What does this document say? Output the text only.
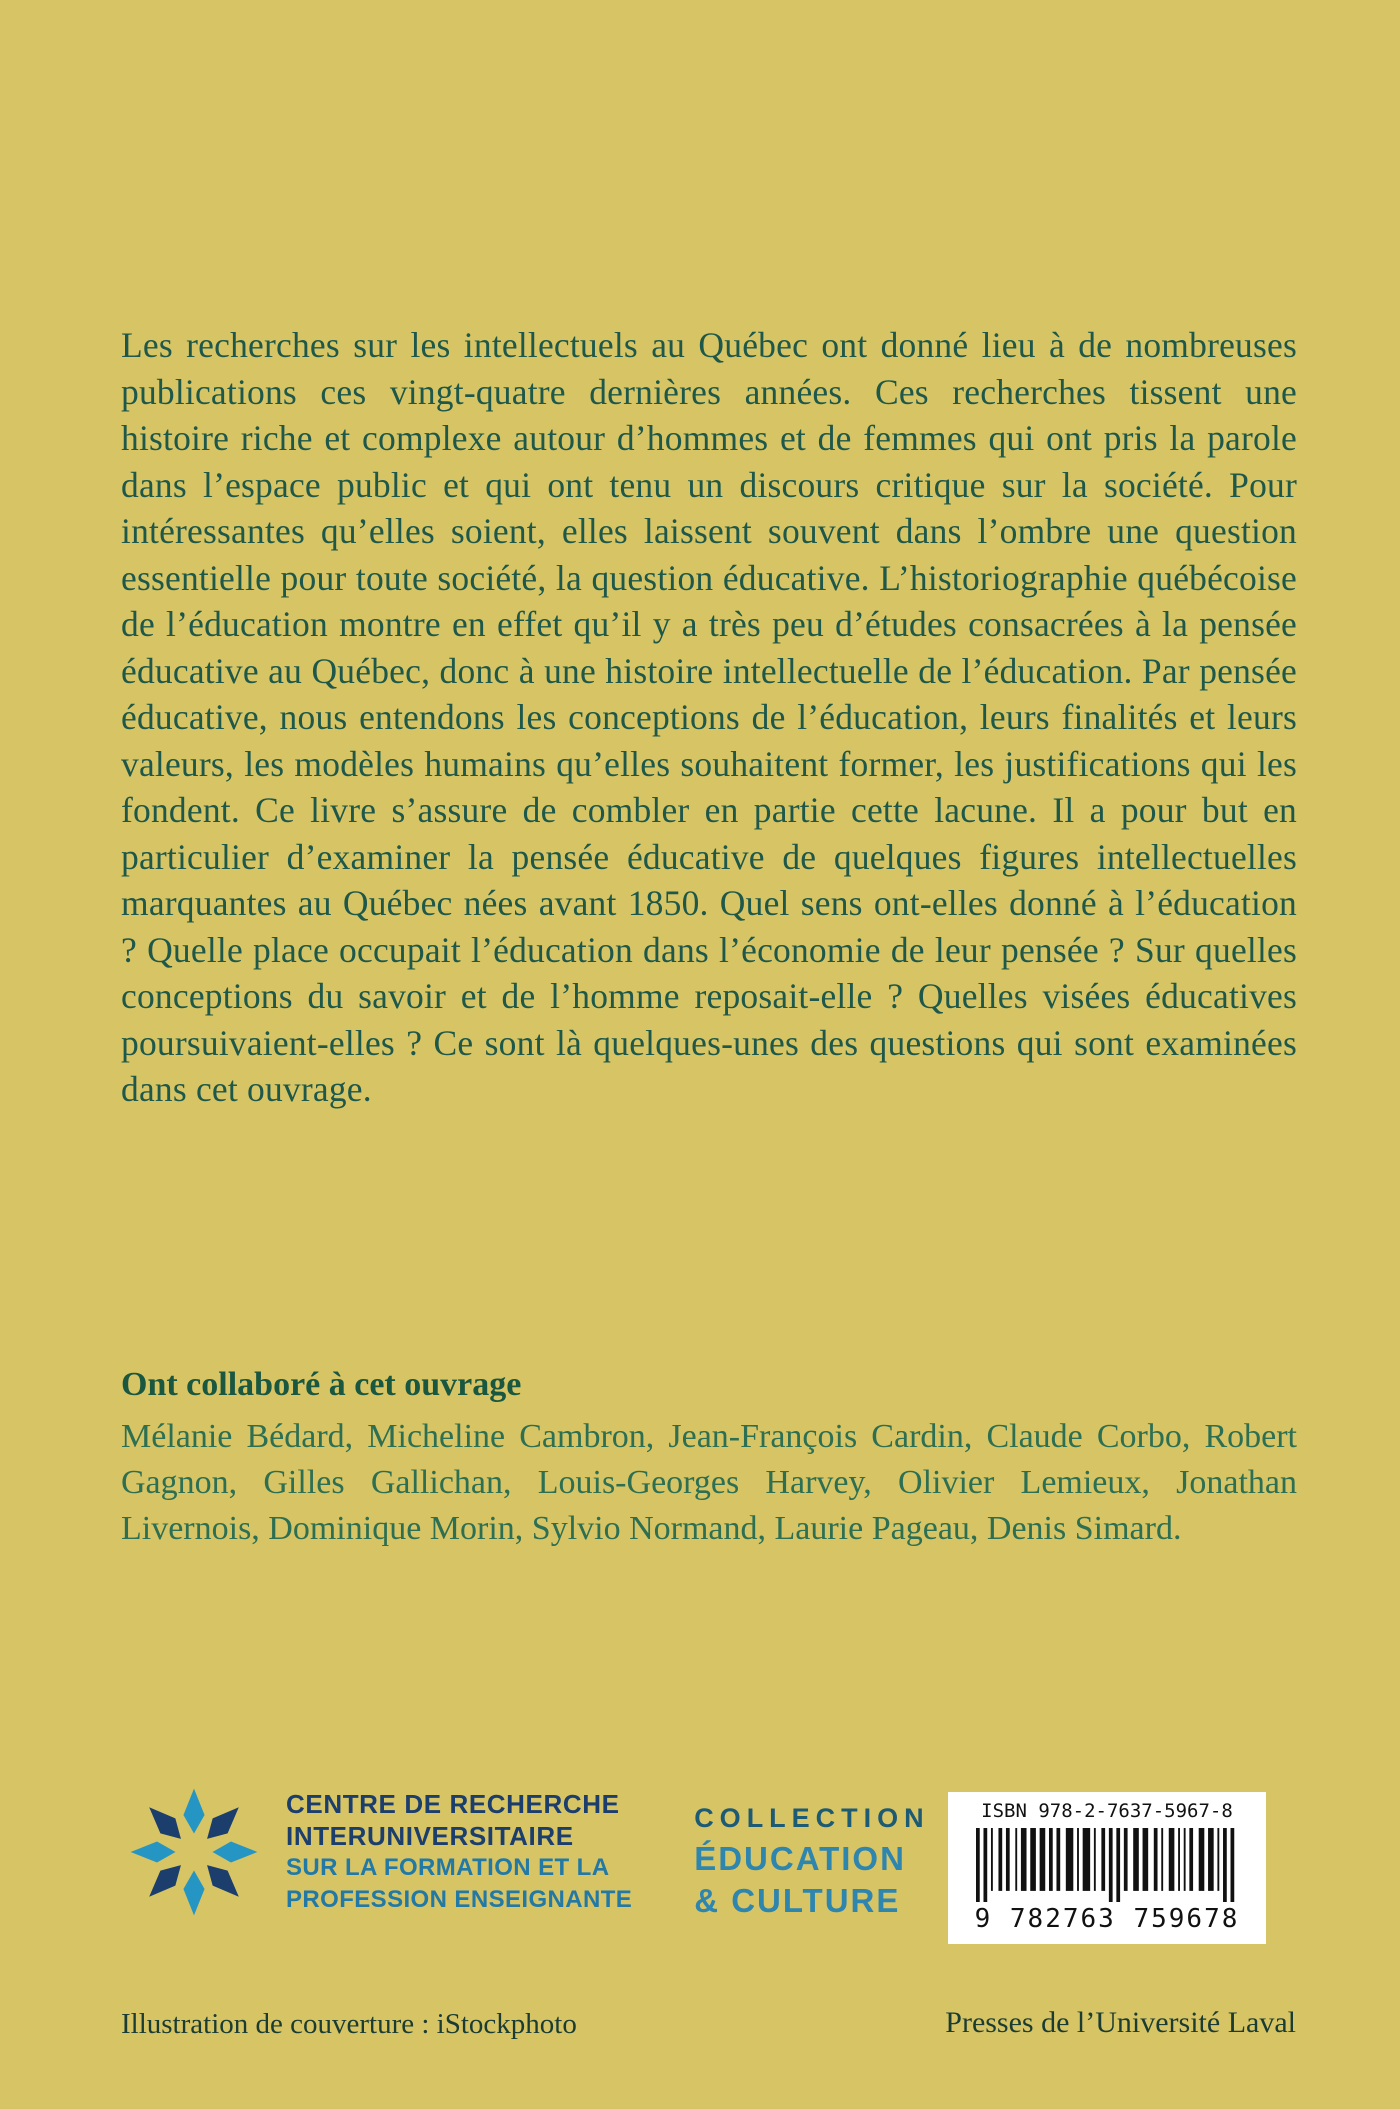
Les recherches sur les intellectuels au Québec ont donné lieu à de nombreuses publications ces vingt-quatre dernières années. Ces recherches tissent une histoire riche et complexe autour d’hommes et de femmes qui ont pris la parole dans l’espace public et qui ont tenu un discours critique sur la société. Pour intéressantes qu’elles soient, elles laissent souvent dans l’ombre une question essentielle pour toute société, la question éducative. L’historiographie québécoise de l’éducation montre en effet qu’il y a très peu d’études consacrées à la pensée éducative au Québec, donc à une histoire intellectuelle de l’éducation. Par pensée éducative, nous entendons les conceptions de l’éducation, leurs finalités et leurs valeurs, les modèles humains qu’elles souhaitent former, les justifications qui les fondent. Ce livre s’assure de combler en partie cette lacune. Il a pour but en particulier d’examiner la pensée éducative de quelques figures intellectuelles marquantes au Québec nées avant 1850. Quel sens ont-elles donné à l’éducation ? Quelle place occupait l’éducation dans l’économie de leur pensée ? Sur quelles conceptions du savoir et de l’homme reposait-elle ? Quelles visées éducatives poursuivaient-elles ? Ce sont là quelques-unes des questions qui sont examinées dans cet ouvrage.
Ont collaboré à cet ouvrage
Mélanie Bédard, Micheline Cambron, Jean-François Cardin, Claude Corbo, Robert Gagnon, Gilles Gallichan, Louis-Georges Harvey, Olivier Lemieux, Jonathan Livernois, Dominique Morin, Sylvio Normand, Laurie Pageau, Denis Simard.
CENTRE DE RECHERCHE
INTERUNIVERSITAIRE
SUR LA FORMATION ET LA
PROFESSION ENSEIGNANTE
COLLECTION
ÉDUCATION
& CULTURE
ISBN 978-2-7637-5967-8
9 782763 759678
Illustration de couverture : iStockphoto	Presses de l’Université Laval
